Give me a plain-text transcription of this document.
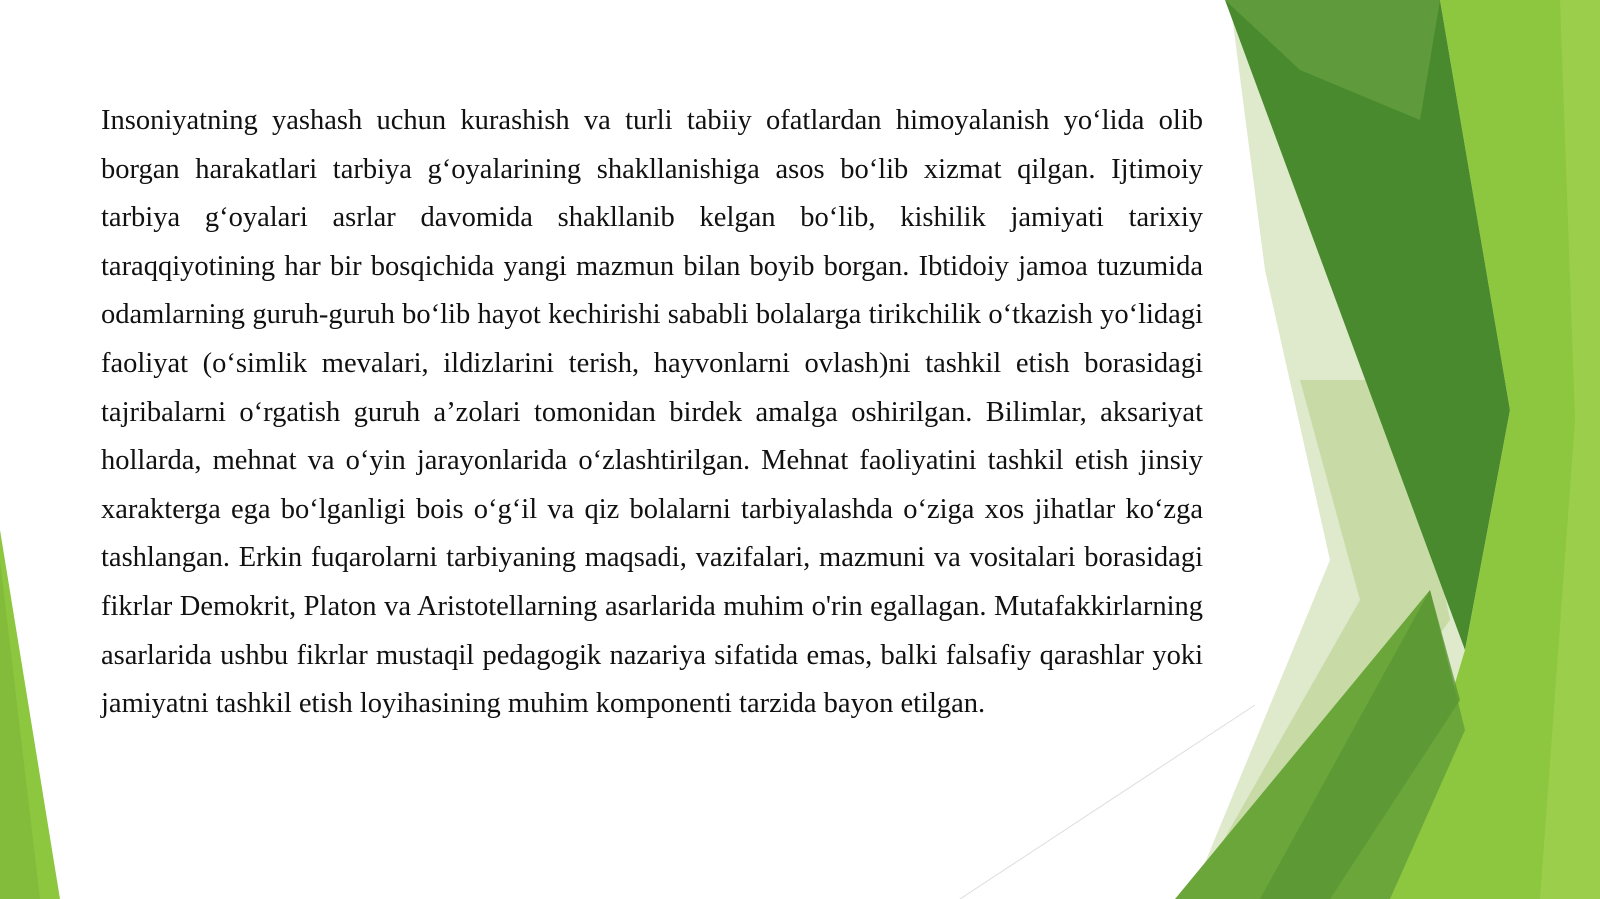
Insoniyatning yashash uchun kurashish va turli tabiiy ofatlardan himoyalanish yoʻlida olib borgan harakatlari tarbiya gʻoyalarining shakllanishiga asos boʻlib xizmat qilgan. Ijtimoiy tarbiya gʻoyalari asrlar davomida shakllanib kelgan boʻlib, kishilik jamiyati tarixiy taraqqiyotining har bir bosqichida yangi mazmun bilan boyib borgan. Ibtidoiy jamoa tuzumida odamlarning guruh-guruh boʻlib hayot kechirishi sababli bolalarga tirikchilik oʻtkazish yoʻlidagi faoliyat (oʻsimlik mevalari, ildizlarini terish, hayvonlarni ovlash)ni tashkil etish borasidagi tajribalarni oʻrgatish guruh a’zolari tomonidan birdek amalga oshirilgan. Bilimlar, aksariyat hollarda, mehnat va oʻyin jarayonlarida oʻzlashtirilgan. Mehnat faoliyatini tashkil etish jinsiy xarakterga ega boʻlganligi bois oʻgʻil va qiz bolalarni tarbiyalashda oʻziga xos jihatlar koʻzga tashlangan. Erkin fuqarolarni tarbiyaning maqsadi, vazifalari, mazmuni va vositalari borasidagi fikrlar Demokrit, Platon va Aristotellarning asarlarida muhim o'rin egallagan. Mutafakkirlarning asarlarida ushbu fikrlar mustaqil pedagogik nazariya sifatida emas, balki falsafiy qarashlar yoki jamiyatni tashkil etish loyihasining muhim komponenti tarzida bayon etilgan.
